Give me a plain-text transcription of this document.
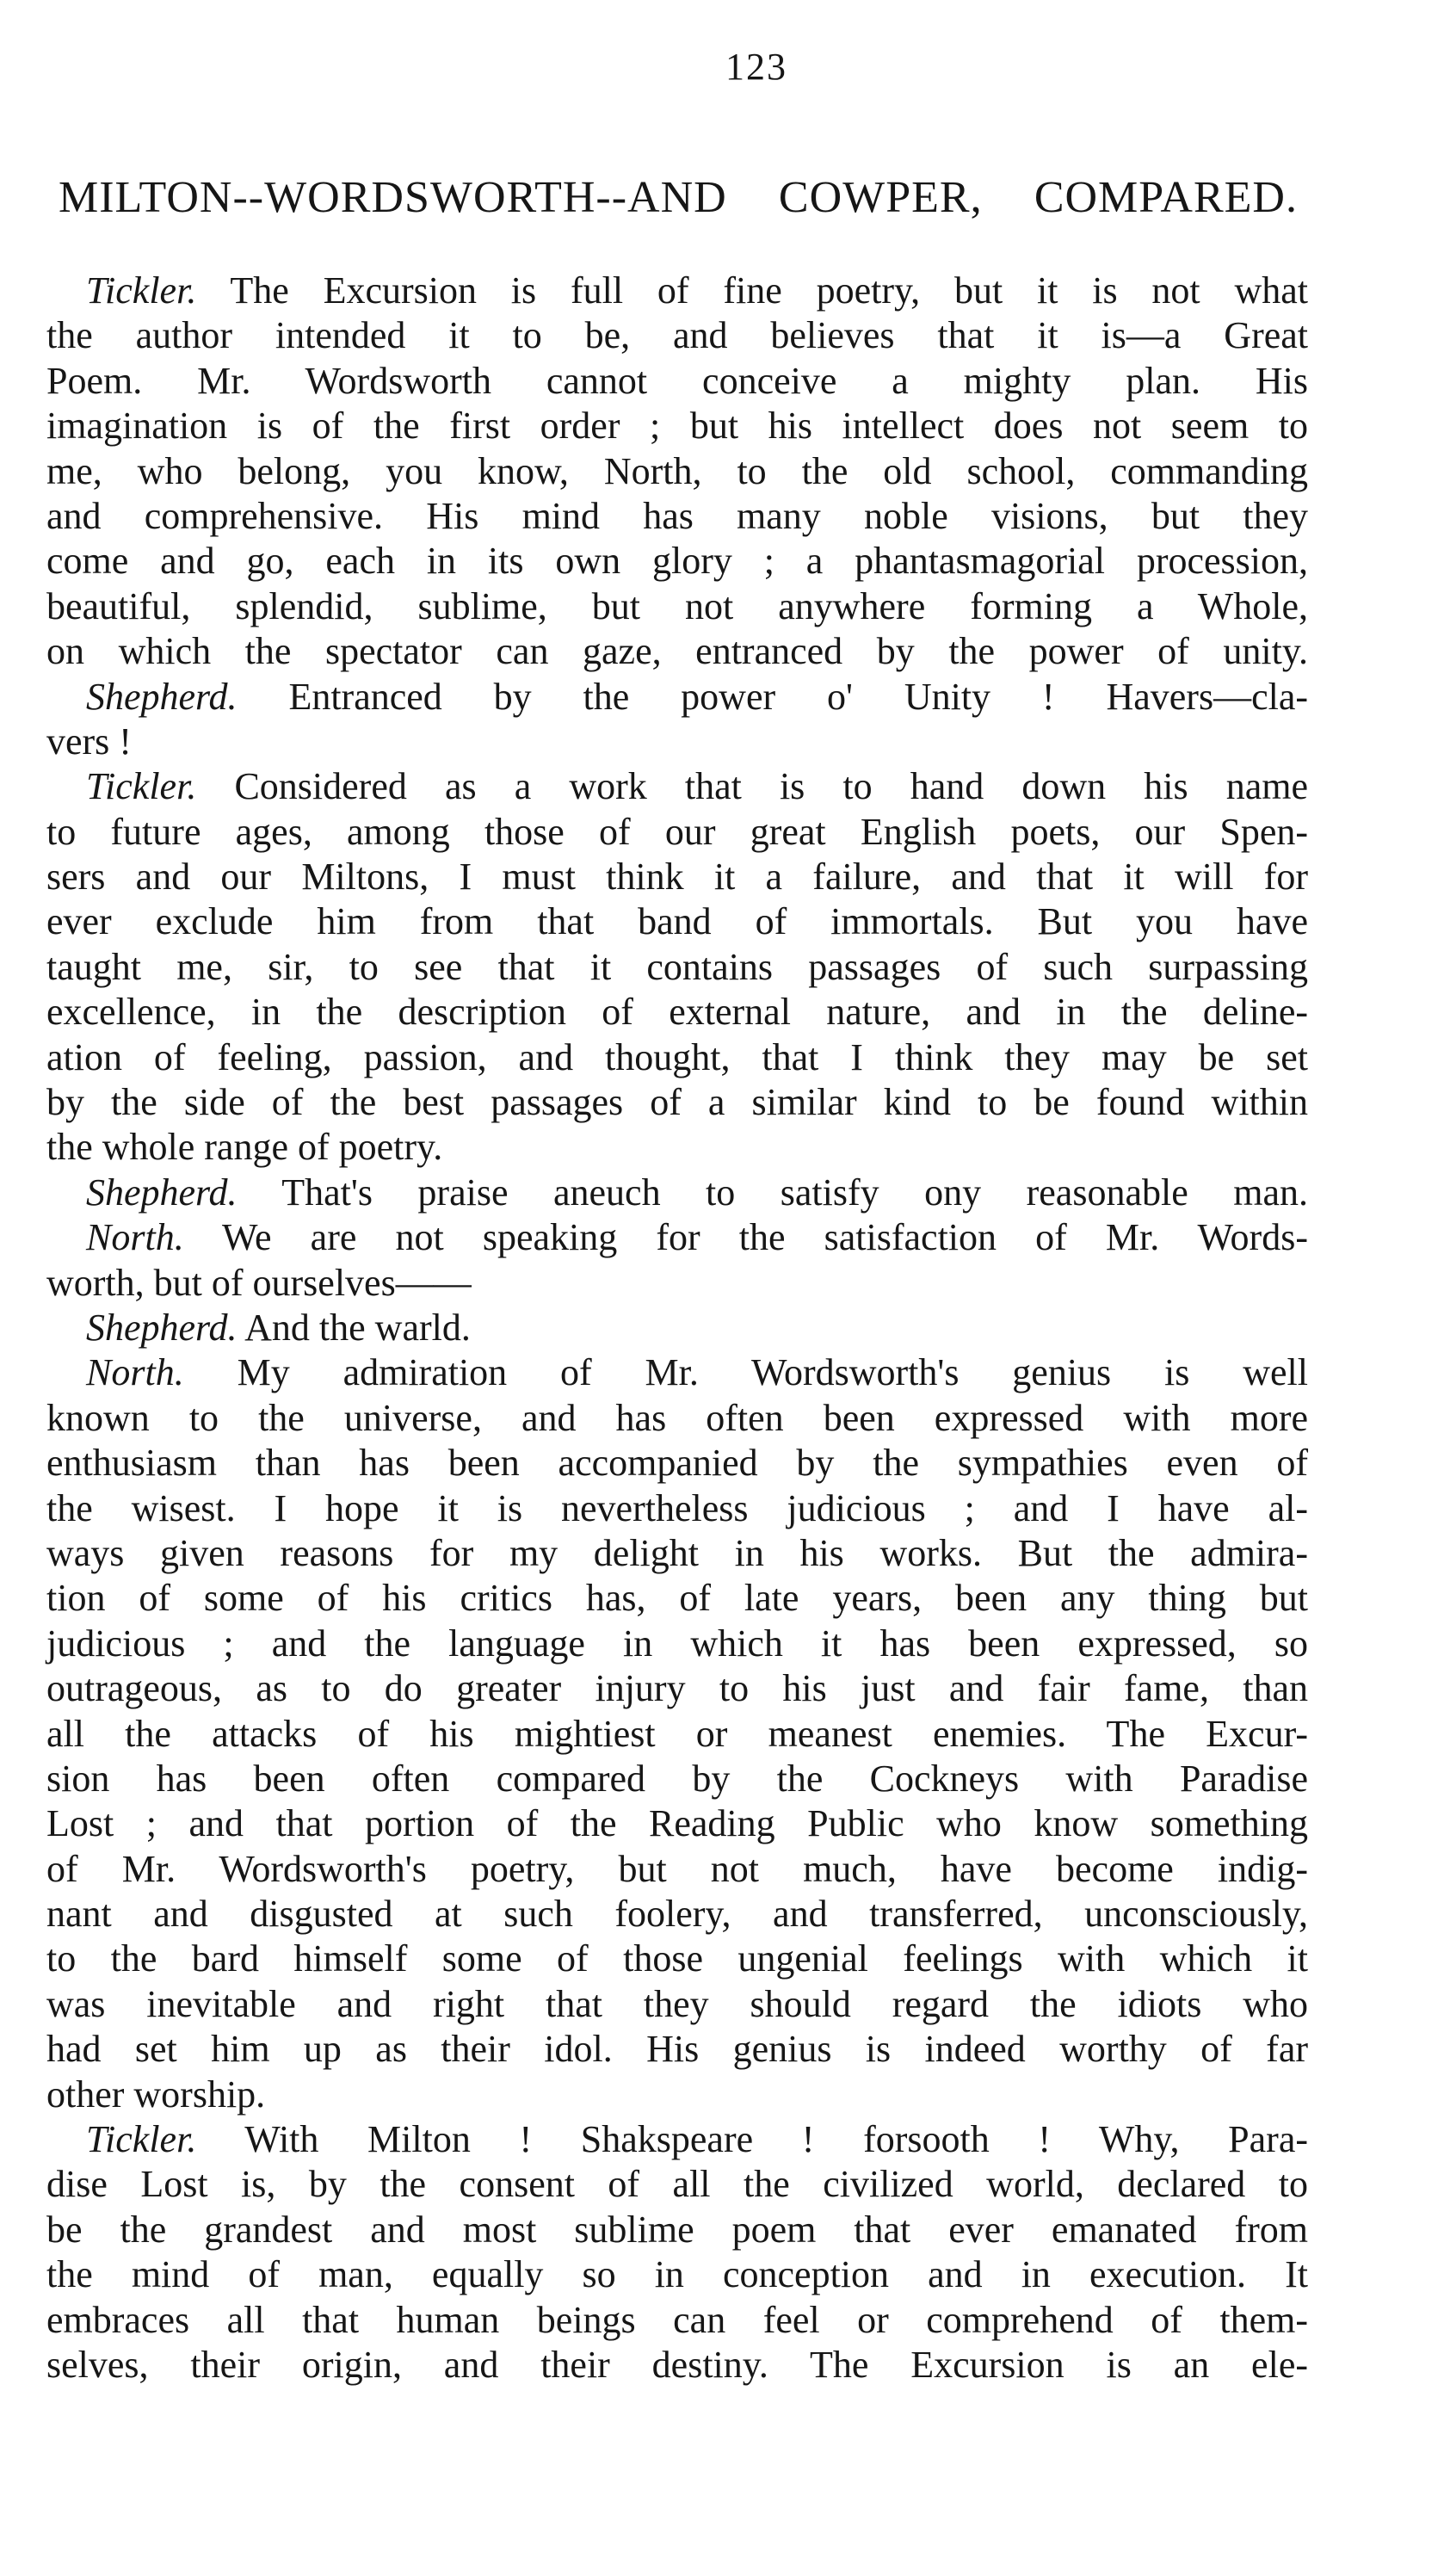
123
MILTON--WORDSWORTH--AND COWPER, COMPARED.
Tickler. The Excursion is full of fine poetry, but it is not what
the author intended it to be, and believes that it is—a Great
Poem. Mr. Wordsworth cannot conceive a mighty plan. His
imagination is of the first order ; but his intellect does not seem to
me, who belong, you know, North, to the old school, commanding
and comprehensive. His mind has many noble visions, but they
come and go, each in its own glory ; a phantasmagorial procession,
beautiful, splendid, sublime, but not anywhere forming a Whole,
on which the spectator can gaze, entranced by the power of unity.
Shepherd. Entranced by the power o' Unity ! Havers—cla-
vers !
Tickler. Considered as a work that is to hand down his name
to future ages, among those of our great English poets, our Spen-
sers and our Miltons, I must think it a failure, and that it will for
ever exclude him from that band of immortals. But you have
taught me, sir, to see that it contains passages of such surpassing
excellence, in the description of external nature, and in the deline-
ation of feeling, passion, and thought, that I think they may be set
by the side of the best passages of a similar kind to be found within
the whole range of poetry.
Shepherd. That's praise aneuch to satisfy ony reasonable man.
North. We are not speaking for the satisfaction of Mr. Words-
worth, but of ourselves——
Shepherd. And the warld.
North. My admiration of Mr. Wordsworth's genius is well
known to the universe, and has often been expressed with more
enthusiasm than has been accompanied by the sympathies even of
the wisest. I hope it is nevertheless judicious ; and I have al-
ways given reasons for my delight in his works. But the admira-
tion of some of his critics has, of late years, been any thing but
judicious ; and the language in which it has been expressed, so
outrageous, as to do greater injury to his just and fair fame, than
all the attacks of his mightiest or meanest enemies. The Excur-
sion has been often compared by the Cockneys with Paradise
Lost ; and that portion of the Reading Public who know something
of Mr. Wordsworth's poetry, but not much, have become indig-
nant and disgusted at such foolery, and transferred, unconsciously,
to the bard himself some of those ungenial feelings with which it
was inevitable and right that they should regard the idiots who
had set him up as their idol. His genius is indeed worthy of far
other worship.
Tickler. With Milton ! Shakspeare ! forsooth ! Why, Para-
dise Lost is, by the consent of all the civilized world, declared to
be the grandest and most sublime poem that ever emanated from
the mind of man, equally so in conception and in execution. It
embraces all that human beings can feel or comprehend of them-
selves, their origin, and their destiny. The Excursion is an ele-
